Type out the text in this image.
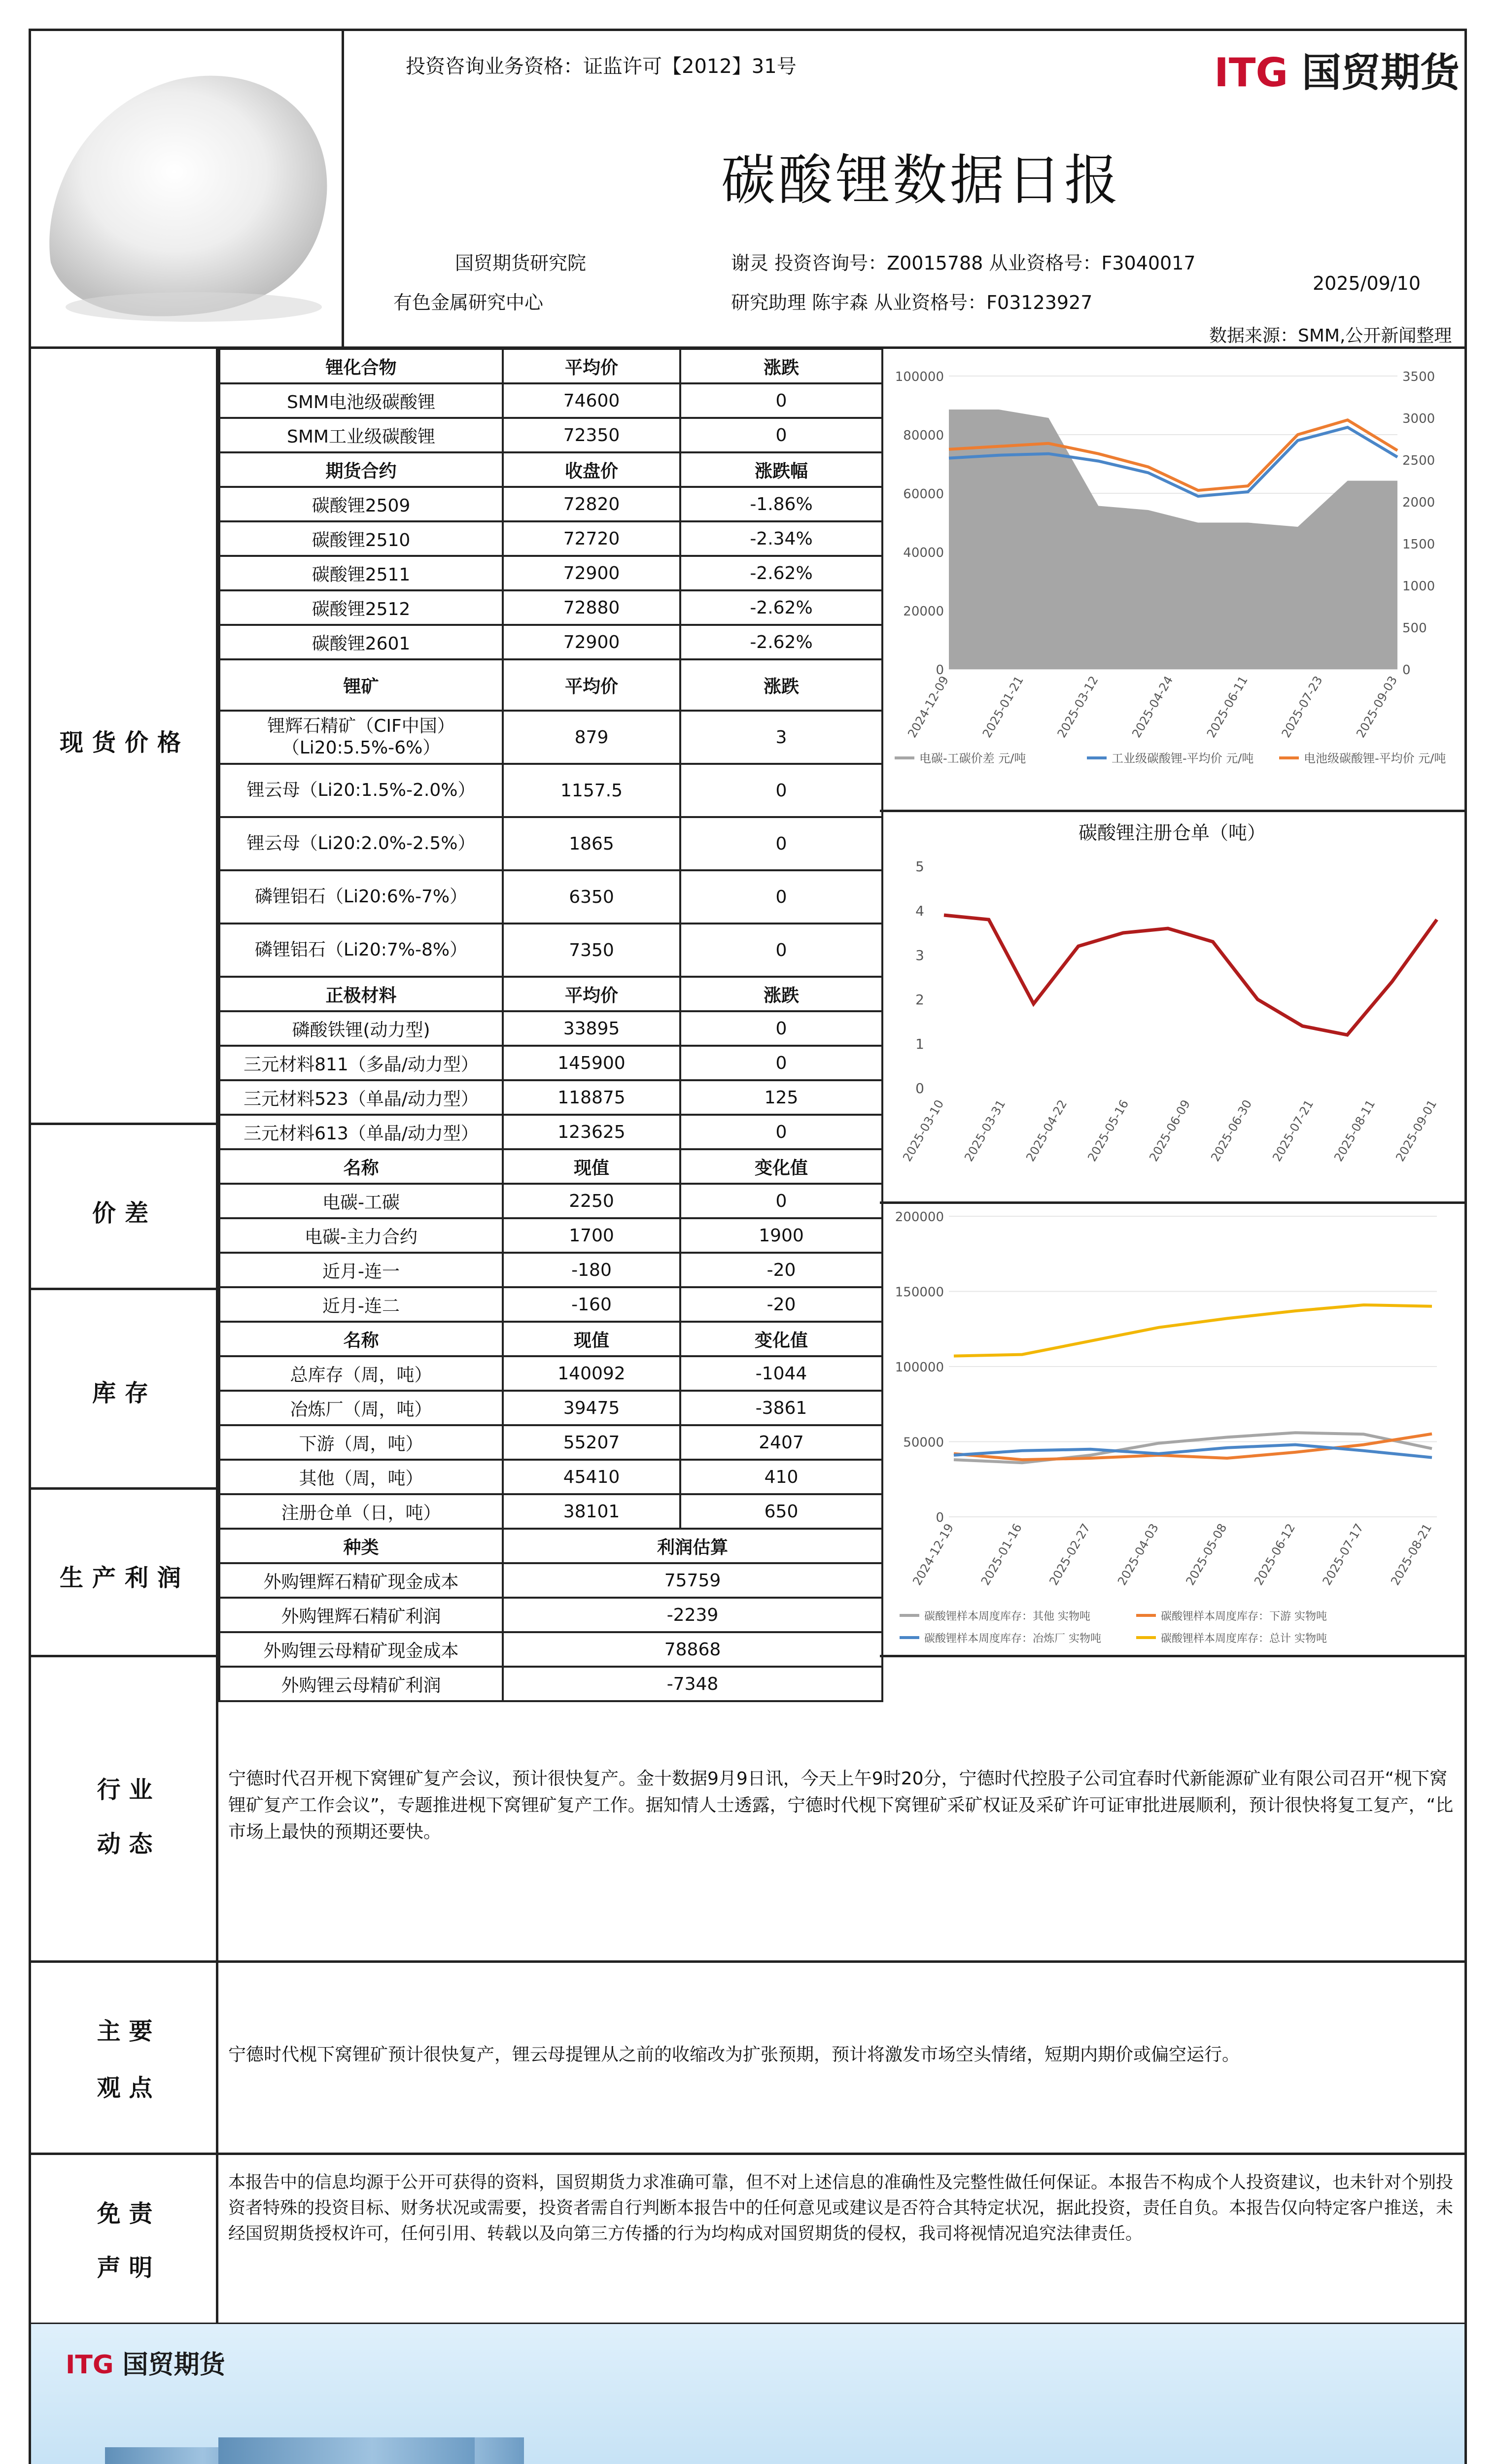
投资咨询业务资格：证监许可【2012】31号	ITG 国贸期货
碳酸锂数据日报
国贸期货研究院
有色金属研究中心
谢灵 投资咨询号：Z0015788 从业资格号：F3040017
研究助理 陈宇森 从业资格号：F03123927
2025/09/10
数据来源：SMM,公开新闻整理
现货价格
价差
库存
生产利润
锂化合物	平均价	涨跌
SMM电池级碳酸锂	74600	0
SMM工业级碳酸锂	72350	0
期货合约	收盘价	涨跌幅
碳酸锂2509	72820	-1.86%
碳酸锂2510	72720	-2.34%
碳酸锂2511	72900	-2.62%
碳酸锂2512	72880	-2.62%
碳酸锂2601	72900	-2.62%
锂矿	平均价	涨跌
锂辉石精矿（CIF中国）（Li20:5.5%-6%）	879	3
锂云母（Li20:1.5%-2.0%）	1157.5	0
锂云母（Li20:2.0%-2.5%）	1865	0
磷锂铝石（Li20:6%-7%）	6350	0
磷锂铝石（Li20:7%-8%）	7350	0
正极材料	平均价	涨跌
磷酸铁锂(动力型)	33895	0
三元材料811（多晶/动力型）	145900	0
三元材料523（单晶/动力型）	118875	125
三元材料613（单晶/动力型）	123625	0
名称	现值	变化值
电碳-工碳	2250	0
电碳-主力合约	1700	1900
近月-连一	-180	-20
近月-连二	-160	-20
名称	现值	变化值
总库存（周，吨）	140092	-1044
冶炼厂（周，吨）	39475	-3861
下游（周，吨）	55207	2407
其他（周，吨）	45410	410
注册仓单（日，吨）	38101	650
种类	利润估算	
外购锂辉石精矿现金成本	75759	
外购锂辉石精矿利润	-2239	
外购锂云母精矿现金成本	78868	
外购锂云母精矿利润	-7348	
0
20000
40000
60000
80000
100000
0
500
1000
1500
2000
2500
3000
3500
2024-12-09 2025-01-21 2025-03-12 2025-04-24 2025-06-11 2025-07-23 2025-09-03
电碳-工碳价差 元/吨	工业级碳酸锂-平均价 元/吨	电池级碳酸锂-平均价 元/吨
碳酸锂注册仓单（吨）
0
1
2
3
4
5
2025-03-10 2025-03-31 2025-04-22 2025-05-16 2025-06-09 2025-06-30 2025-07-21 2025-08-11 2025-09-01
0
50000
100000
150000
200000
2024-12-19 2025-01-16 2025-02-27 2025-04-03 2025-05-08 2025-06-12 2025-07-17 2025-08-21
碳酸锂样本周度库存：其他 实物吨	碳酸锂样本周度库存：下游 实物吨
碳酸锂样本周度库存：冶炼厂 实物吨	碳酸锂样本周度库存：总计 实物吨
行 业
动 态
宁德时代召开枧下窝锂矿复产会议，预计很快复产。金十数据9月9日讯，今天上午9时20分，宁德时代控股子公司宜春时代新能源矿业有限公司召开“枧下窝锂矿复产工作会议”，专题推进枧下窝锂矿复产工作。据知情人士透露，宁德时代枧下窝锂矿采矿权证及采矿许可证审批进展顺利，预计很快将复工复产，“比市场上最快的预期还要快。
主 要
观 点
宁德时代枧下窝锂矿预计很快复产，锂云母提锂从之前的收缩改为扩张预期，预计将激发市场空头情绪，短期内期价或偏空运行。
免 责
声 明
本报告中的信息均源于公开可获得的资料，国贸期货力求准确可靠，但不对上述信息的准确性及完整性做任何保证。本报告不构成个人投资建议，也未针对个别投资者特殊的投资目标、财务状况或需要，投资者需自行判断本报告中的任何意见或建议是否符合其特定状况，据此投资，责任自负。本报告仅向特定客户推送，未经国贸期货授权许可，任何引用、转载以及向第三方传播的行为均构成对国贸期货的侵权，我司将视情况追究法律责任。
ITG 国贸期货
